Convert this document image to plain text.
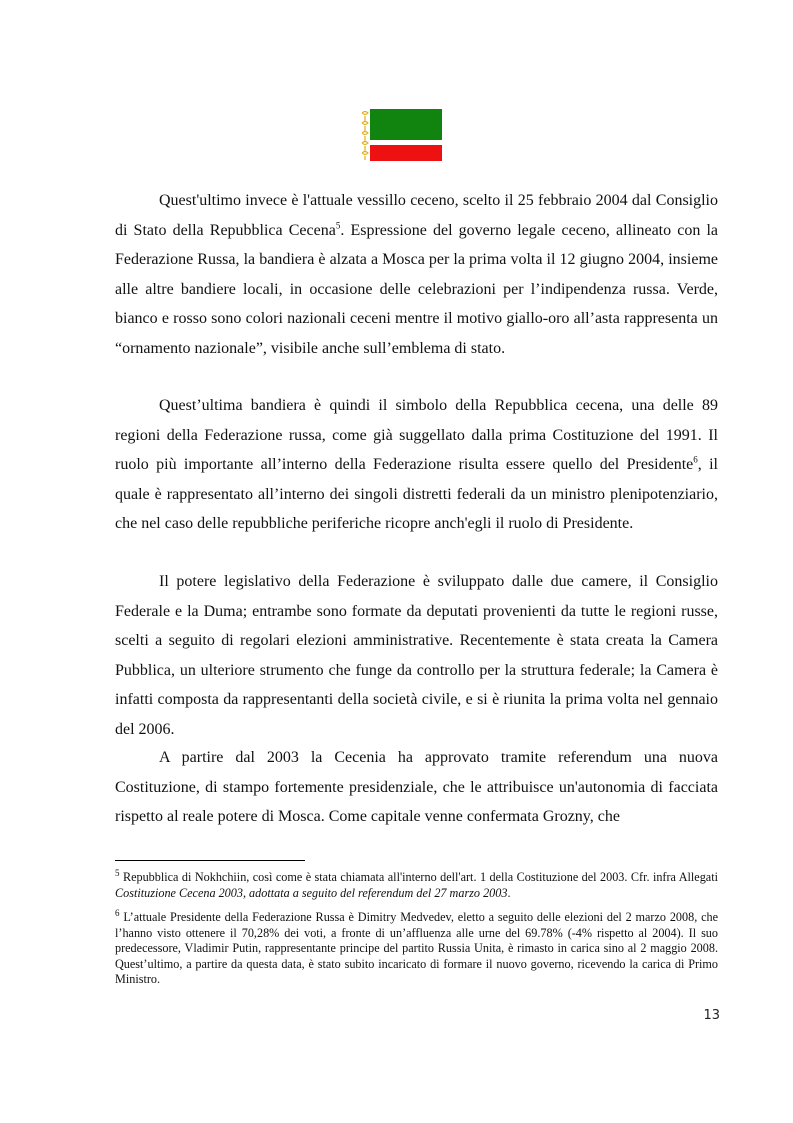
Quest'ultimo invece è l'attuale vessillo ceceno, scelto il 25 febbraio 2004 dal Consiglio di Stato della Repubblica Cecena$^5$. Espressione del governo legale ceceno, allineato con la Federazione Russa, la bandiera è alzata a Mosca per la prima volta il 12 giugno 2004, insieme alle altre bandiere locali, in occasione delle celebrazioni per l’indipendenza russa. Verde, bianco e rosso sono colori nazionali ceceni mentre il motivo giallo-oro all’asta rappresenta un “ornamento nazionale”, visibile anche sull’emblema di stato.

Quest’ultima bandiera è quindi il simbolo della Repubblica cecena, una delle 89 regioni della Federazione russa, come già suggellato dalla prima Costituzione del 1991. Il ruolo più importante all’interno della Federazione risulta essere quello del Presidente$^6$, il quale è rappresentato all’interno dei singoli distretti federali da un ministro plenipotenziario, che nel caso delle repubbliche periferiche ricopre anch'egli il ruolo di Presidente.

Il potere legislativo della Federazione è sviluppato dalle due camere, il Consiglio Federale e la Duma; entrambe sono formate da deputati provenienti da tutte le regioni russe, scelti a seguito di regolari elezioni amministrative. Recentemente è stata creata la Camera Pubblica, un ulteriore strumento che funge da controllo per la struttura federale; la Camera è infatti composta da rappresentanti della società civile, e si è riunita la prima volta nel gennaio del 2006.

A partire dal 2003 la Cecenia ha approvato tramite referendum una nuova Costituzione, di stampo fortemente presidenziale, che le attribuisce un'autonomia di facciata rispetto al reale potere di Mosca. Come capitale venne confermata Grozny, che

$^5$ Repubblica di Nokhchiin, così come è stata chiamata all'interno dell'art. 1 della Costituzione del 2003. Cfr. infra Allegati Costituzione Cecena 2003, adottata a seguito del referendum del 27 marzo 2003.

$^6$ L’attuale Presidente della Federazione Russa è Dimitry Medvedev, eletto a seguito delle elezioni del 2 marzo 2008, che l’hanno visto ottenere il 70,28% dei voti, a fronte di un’affluenza alle urne del 69.78% (-4% rispetto al 2004). Il suo predecessore, Vladimir Putin, rappresentante principe del partito Russia Unita, è rimasto in carica sino al 2 maggio 2008. Quest’ultimo, a partire da questa data, è stato subito incaricato di formare il nuovo governo, ricevendo la carica di Primo Ministro.

13
